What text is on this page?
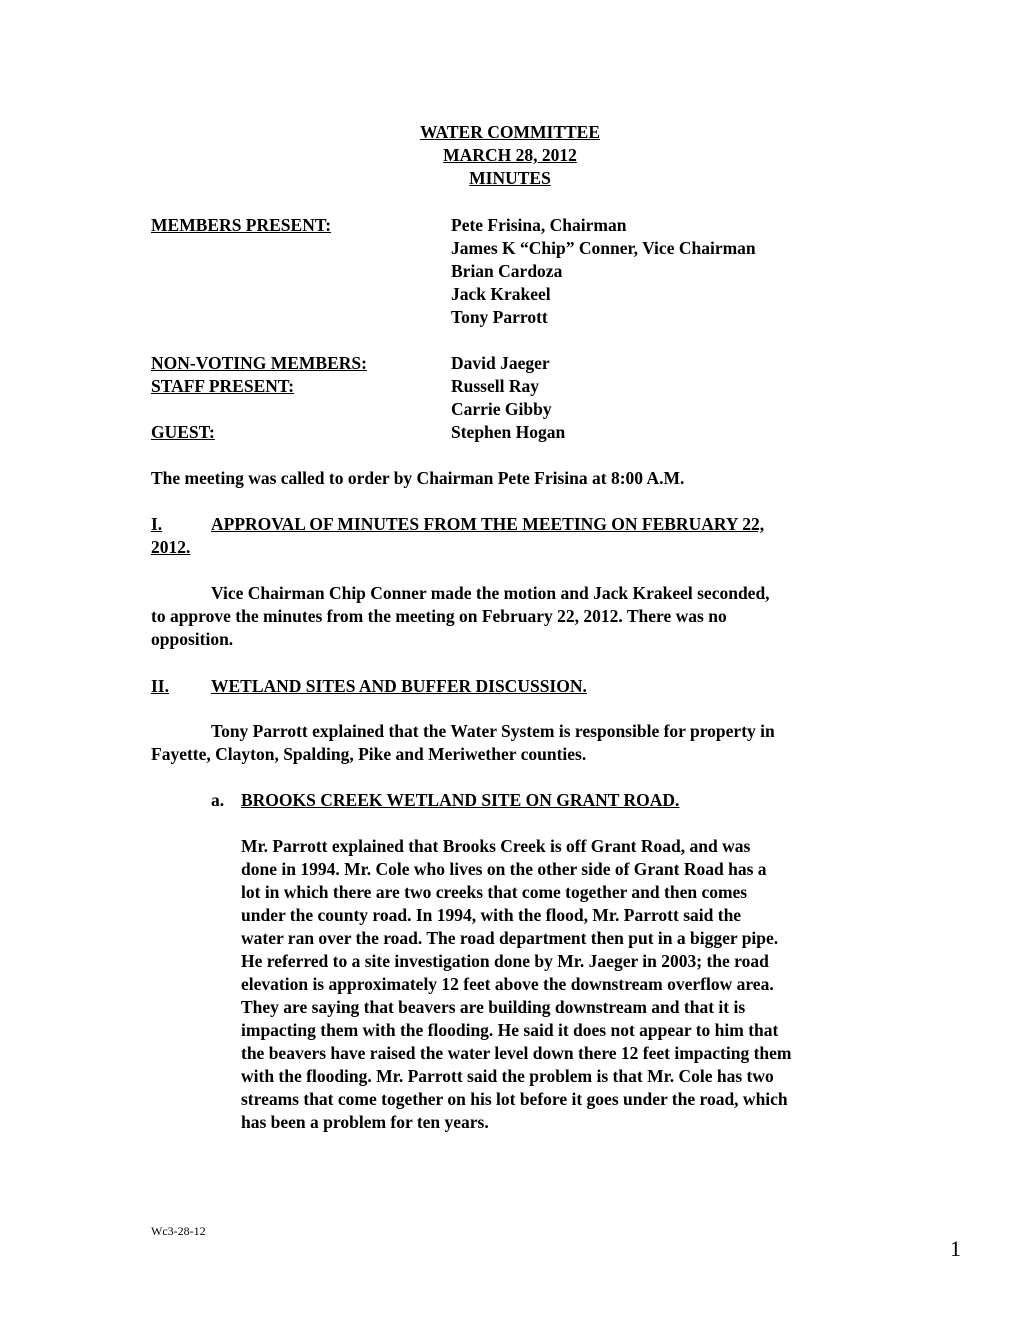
WATER COMMITTEE
MARCH 28, 2012
MINUTES
MEMBERS PRESENT:	Pete Frisina, Chairman
James K “Chip” Conner, Vice Chairman
Brian Cardoza
Jack Krakeel
Tony Parrott
NON-VOTING MEMBERS:	David Jaeger
STAFF PRESENT:	Russell Ray
Carrie Gibby
GUEST:	Stephen Hogan
The meeting was called to order by Chairman Pete Frisina at 8:00 A.M.
I.	APPROVAL OF MINUTES FROM THE MEETING ON FEBRUARY 22,
2012.
Vice Chairman Chip Conner made the motion and Jack Krakeel seconded,
to approve the minutes from the meeting on February 22, 2012. There was no
opposition.
II. WETLAND SITES AND BUFFER DISCUSSION.
Tony Parrott explained that the Water System is responsible for property in
Fayette, Clayton, Spalding, Pike and Meriwether counties.
a. BROOKS CREEK WETLAND SITE ON GRANT ROAD.
Mr. Parrott explained that Brooks Creek is off Grant Road, and was
done in 1994. Mr. Cole who lives on the other side of Grant Road has a
lot in which there are two creeks that come together and then comes
under the county road. In 1994, with the flood, Mr. Parrott said the
water ran over the road. The road department then put in a bigger pipe.
He referred to a site investigation done by Mr. Jaeger in 2003; the road
elevation is approximately 12 feet above the downstream overflow area.
They are saying that beavers are building downstream and that it is
impacting them with the flooding. He said it does not appear to him that
the beavers have raised the water level down there 12 feet impacting them
with the flooding. Mr. Parrott said the problem is that Mr. Cole has two
streams that come together on his lot before it goes under the road, which
has been a problem for ten years.
Wc3-28-12
1
